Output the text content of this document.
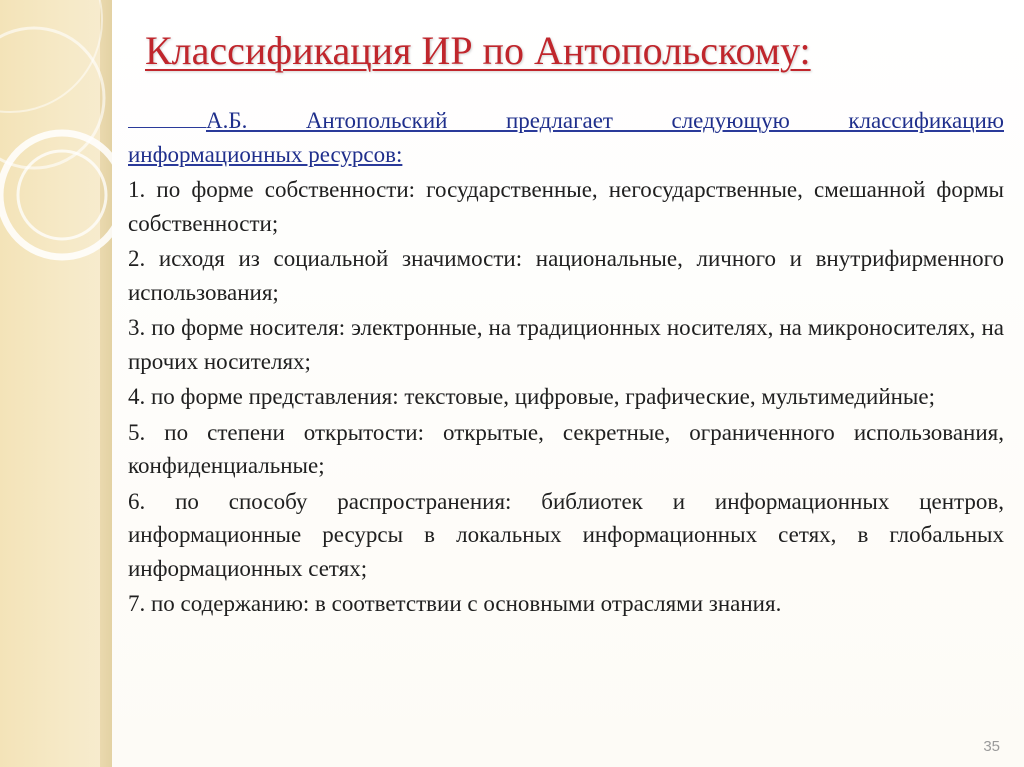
Классификация ИР по Антопольскому:

А.Б. Антопольский предлагает следующую классификацию

информационных ресурсов:

1. по форме собственности: государственные, негосударственные, смешанной формы собственности;

2. исходя из социальной значимости: национальные, личного и внутрифирменного использования;

3. по форме носителя: электронные, на традиционных носителях, на микроносителях, на прочих носителях;

4. по форме представления: текстовые, цифровые, графические, мультимедийные;

5. по степени открытости: открытые, секретные, ограниченного использования, конфиденциальные;

6. по способу распространения: библиотек и информационных центров, информационные ресурсы в локальных информационных сетях, в глобальных информационных сетях;

7. по содержанию: в соответствии с основными отраслями знания.

35
